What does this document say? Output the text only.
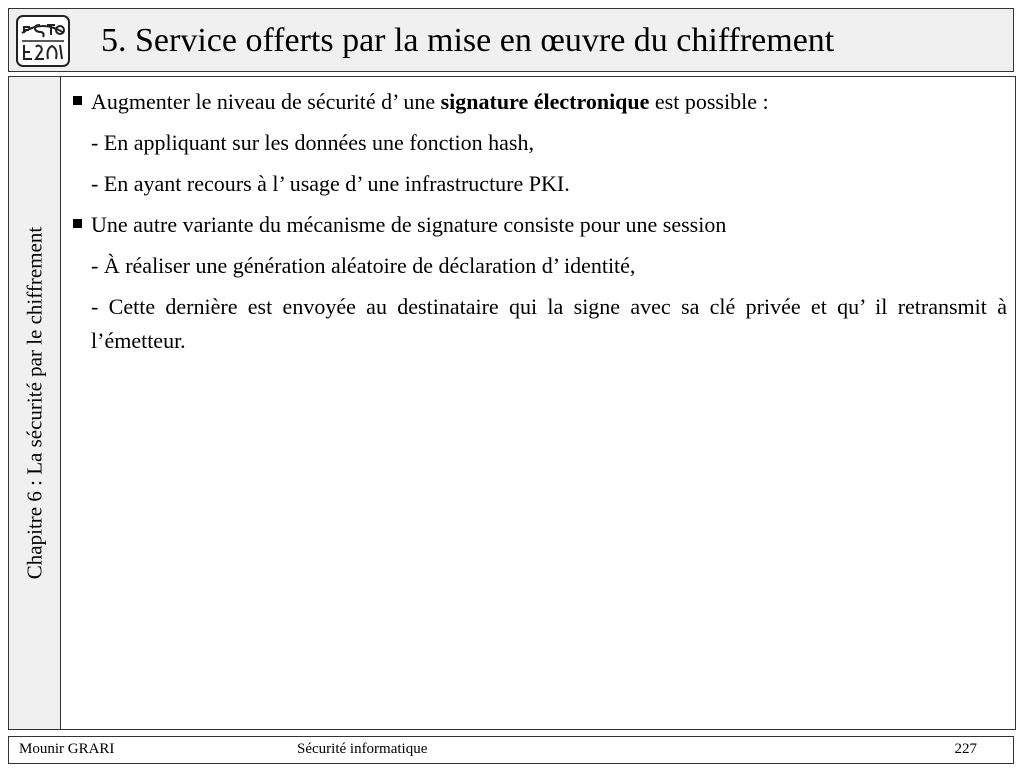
5. Service offerts par la mise en œuvre du chiffrement
Chapitre 6 : La sécurité par le chiffrement
Augmenter le niveau de sécurité d’ une signature électronique est possible :
- En appliquant sur les données une fonction hash,
- En ayant recours à l’ usage d’ une infrastructure PKI.
Une autre variante du mécanisme de signature consiste pour une session
- À réaliser une génération aléatoire de déclaration d’ identité,
- Cette dernière est envoyée au destinataire qui la signe avec sa clé privée et qu’ il retransmit à l’émetteur.
Mounir GRARI	Sécurité informatique	227
